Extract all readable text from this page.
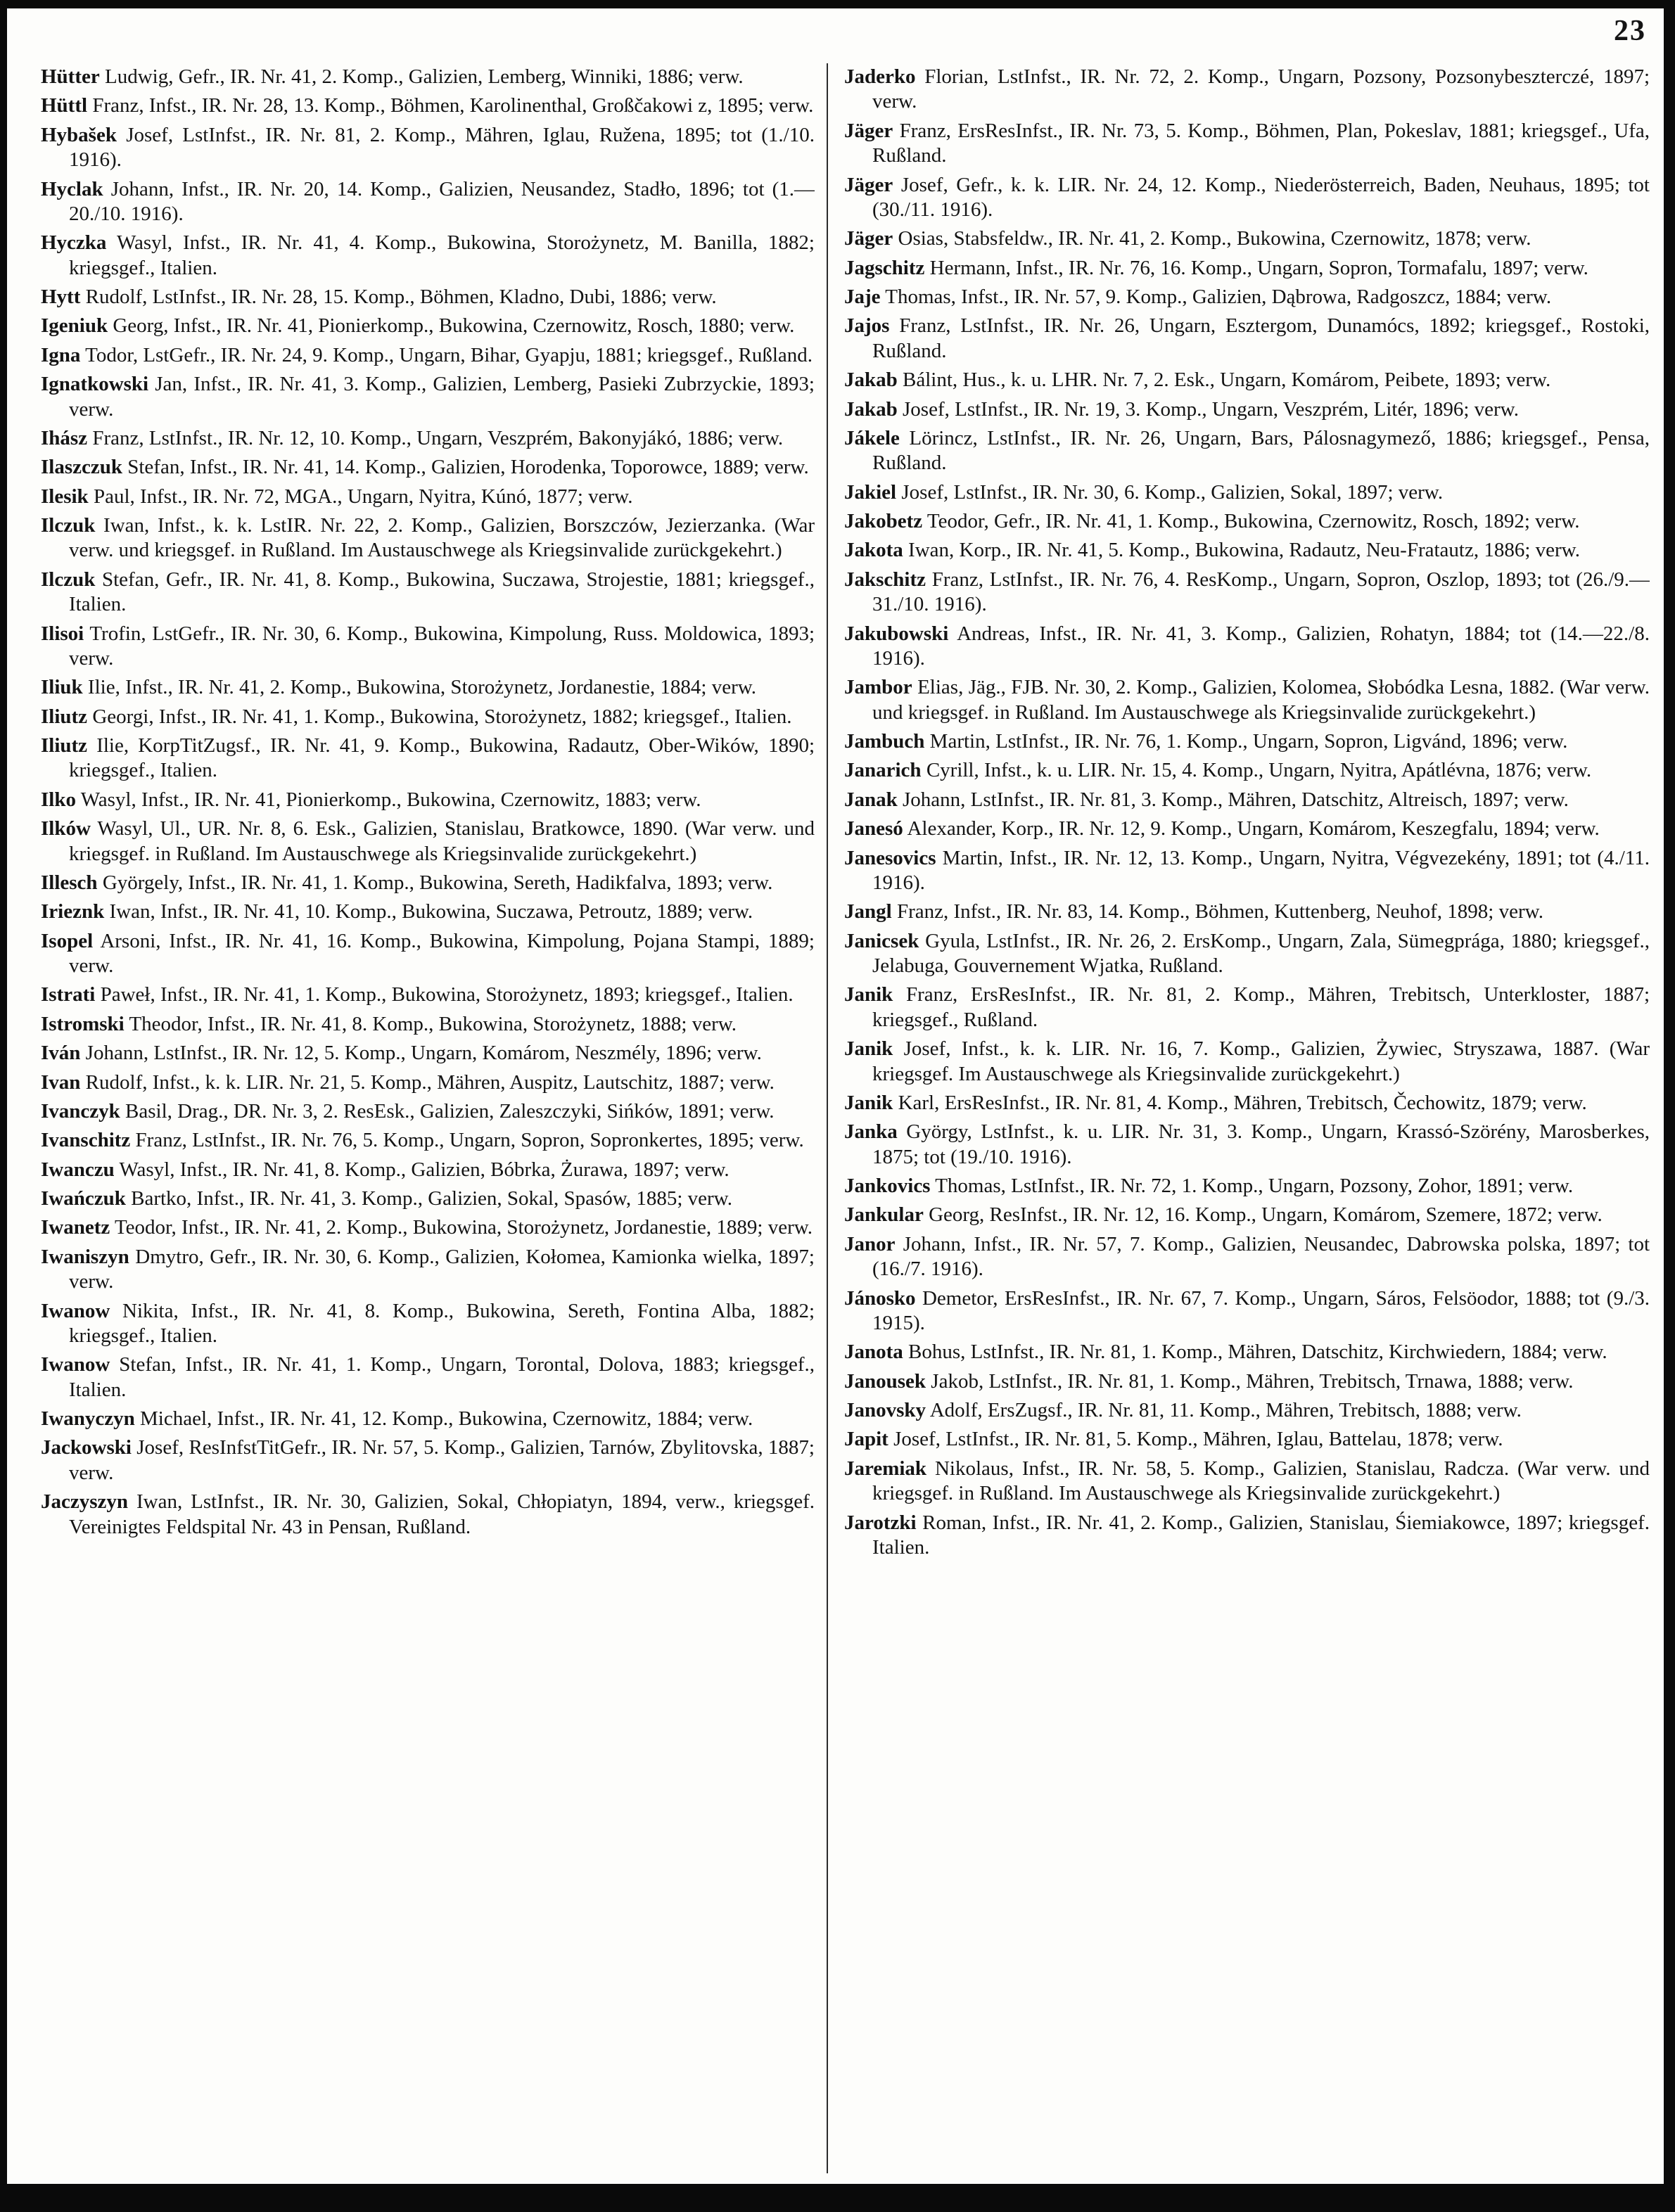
23

Hütter Ludwig, Gefr., IR. Nr. 41, 2. Komp., Galizien, Lemberg, Winniki, 1886; verw.

Hüttl Franz, Infst., IR. Nr. 28, 13. Komp., Böhmen, Karolinenthal, Großčakowi z, 1895; verw.

Hybašek Josef, LstInfst., IR. Nr. 81, 2. Komp., Mähren, Iglau, Ružena, 1895; tot (1./10. 1916).

Hyclak Johann, Infst., IR. Nr. 20, 14. Komp., Galizien, Neusandez, Stadło, 1896; tot (1.—20./10. 1916).

Hyczka Wasyl, Infst., IR. Nr. 41, 4. Komp., Bukowina, Storożynetz, M. Banilla, 1882; kriegsgef., Italien.

Hytt Rudolf, LstInfst., IR. Nr. 28, 15. Komp., Böhmen, Kladno, Dubi, 1886; verw.

Igeniuk Georg, Infst., IR. Nr. 41, Pionierkomp., Bukowina, Czernowitz, Rosch, 1880; verw.

Igna Todor, LstGefr., IR. Nr. 24, 9. Komp., Ungarn, Bihar, Gyapju, 1881; kriegsgef., Rußland.

Ignatkowski Jan, Infst., IR. Nr. 41, 3. Komp., Galizien, Lemberg, Pasieki Zubrzyckie, 1893; verw.

Ihász Franz, LstInfst., IR. Nr. 12, 10. Komp., Ungarn, Veszprém, Bakonyjákó, 1886; verw.

Ilaszczuk Stefan, Infst., IR. Nr. 41, 14. Komp., Galizien, Horodenka, Toporowce, 1889; verw.

Ilesik Paul, Infst., IR. Nr. 72, MGA., Ungarn, Nyitra, Kúnó, 1877; verw.

Ilczuk Iwan, Infst., k. k. LstIR. Nr. 22, 2. Komp., Galizien, Borszczów, Jezierzanka. (War verw. und kriegsgef. in Rußland. Im Austauschwege als Kriegsinvalide zurückgekehrt.)

Ilczuk Stefan, Gefr., IR. Nr. 41, 8. Komp., Bukowina, Suczawa, Strojestie, 1881; kriegsgef., Italien.

Ilisoi Trofin, LstGefr., IR. Nr. 30, 6. Komp., Bukowina, Kimpolung, Russ. Moldowica, 1893; verw.

Iliuk Ilie, Infst., IR. Nr. 41, 2. Komp., Bukowina, Storożynetz, Jordanestie, 1884; verw.

Iliutz Georgi, Infst., IR. Nr. 41, 1. Komp., Bukowina, Storożynetz, 1882; kriegsgef., Italien.

Iliutz Ilie, KorpTitZugsf., IR. Nr. 41, 9. Komp., Bukowina, Radautz, Ober-Wików, 1890; kriegsgef., Italien.

Ilko Wasyl, Infst., IR. Nr. 41, Pionierkomp., Bukowina, Czernowitz, 1883; verw.

Ilków Wasyl, Ul., UR. Nr. 8, 6. Esk., Galizien, Stanislau, Bratkowce, 1890. (War verw. und kriegsgef. in Rußland. Im Austauschwege als Kriegsinvalide zurückgekehrt.)

Illesch Györgely, Infst., IR. Nr. 41, 1. Komp., Bukowina, Sereth, Hadikfalva, 1893; verw.

Irieznk Iwan, Infst., IR. Nr. 41, 10. Komp., Bukowina, Suczawa, Petroutz, 1889; verw.

Isopel Arsoni, Infst., IR. Nr. 41, 16. Komp., Bukowina, Kimpolung, Pojana Stampi, 1889; verw.

Istrati Paweł, Infst., IR. Nr. 41, 1. Komp., Bukowina, Storożynetz, 1893; kriegsgef., Italien.

Istromski Theodor, Infst., IR. Nr. 41, 8. Komp., Bukowina, Storożynetz, 1888; verw.

Iván Johann, LstInfst., IR. Nr. 12, 5. Komp., Ungarn, Komárom, Neszmély, 1896; verw.

Ivan Rudolf, Infst., k. k. LIR. Nr. 21, 5. Komp., Mähren, Auspitz, Lautschitz, 1887; verw.

Ivanczyk Basil, Drag., DR. Nr. 3, 2. ResEsk., Galizien, Zaleszczyki, Sińków, 1891; verw.

Ivanschitz Franz, LstInfst., IR. Nr. 76, 5. Komp., Ungarn, Sopron, Sopronkertes, 1895; verw.

Iwanczu Wasyl, Infst., IR. Nr. 41, 8. Komp., Galizien, Bóbrka, Żurawa, 1897; verw.

Iwańczuk Bartko, Infst., IR. Nr. 41, 3. Komp., Galizien, Sokal, Spasów, 1885; verw.

Iwanetz Teodor, Infst., IR. Nr. 41, 2. Komp., Bukowina, Storożynetz, Jordanestie, 1889; verw.

Iwaniszyn Dmytro, Gefr., IR. Nr. 30, 6. Komp., Galizien, Kołomea, Kamionka wielka, 1897; verw.

Iwanow Nikita, Infst., IR. Nr. 41, 8. Komp., Bukowina, Sereth, Fontina Alba, 1882; kriegsgef., Italien.

Iwanow Stefan, Infst., IR. Nr. 41, 1. Komp., Ungarn, Torontal, Dolova, 1883; kriegsgef., Italien.

Iwanyczyn Michael, Infst., IR. Nr. 41, 12. Komp., Bukowina, Czernowitz, 1884; verw.

Jackowski Josef, ResInfstTitGefr., IR. Nr. 57, 5. Komp., Galizien, Tarnów, Zbylitovska, 1887; verw.

Jaczyszyn Iwan, LstInfst., IR. Nr. 30, Galizien, Sokal, Chłopiatyn, 1894, verw., kriegsgef. Vereinigtes Feldspital Nr. 43 in Pensan, Rußland.

Jaderko Florian, LstInfst., IR. Nr. 72, 2. Komp., Ungarn, Pozsony, Pozsonybeszterczé, 1897; verw.

Jäger Franz, ErsResInfst., IR. Nr. 73, 5. Komp., Böhmen, Plan, Pokeslav, 1881; kriegsgef., Ufa, Rußland.

Jäger Josef, Gefr., k. k. LIR. Nr. 24, 12. Komp., Niederösterreich, Baden, Neuhaus, 1895; tot (30./11. 1916).

Jäger Osias, Stabsfeldw., IR. Nr. 41, 2. Komp., Bukowina, Czernowitz, 1878; verw.

Jagschitz Hermann, Infst., IR. Nr. 76, 16. Komp., Ungarn, Sopron, Tormafalu, 1897; verw.

Jaje Thomas, Infst., IR. Nr. 57, 9. Komp., Galizien, Dąbrowa, Radgoszcz, 1884; verw.

Jajos Franz, LstInfst., IR. Nr. 26, Ungarn, Esztergom, Dunamócs, 1892; kriegsgef., Rostoki, Rußland.

Jakab Bálint, Hus., k. u. LHR. Nr. 7, 2. Esk., Ungarn, Komárom, Peibete, 1893; verw.

Jakab Josef, LstInfst., IR. Nr. 19, 3. Komp., Ungarn, Veszprém, Litér, 1896; verw.

Jákele Lörincz, LstInfst., IR. Nr. 26, Ungarn, Bars, Pálosnagymező, 1886; kriegsgef., Pensa, Rußland.

Jakiel Josef, LstInfst., IR. Nr. 30, 6. Komp., Galizien, Sokal, 1897; verw.

Jakobetz Teodor, Gefr., IR. Nr. 41, 1. Komp., Bukowina, Czernowitz, Rosch, 1892; verw.

Jakota Iwan, Korp., IR. Nr. 41, 5. Komp., Bukowina, Radautz, Neu-Fratautz, 1886; verw.

Jakschitz Franz, LstInfst., IR. Nr. 76, 4. ResKomp., Ungarn, Sopron, Oszlop, 1893; tot (26./9.—31./10. 1916).

Jakubowski Andreas, Infst., IR. Nr. 41, 3. Komp., Galizien, Rohatyn, 1884; tot (14.—22./8. 1916).

Jambor Elias, Jäg., FJB. Nr. 30, 2. Komp., Galizien, Kolomea, Słobódka Lesna, 1882. (War verw. und kriegsgef. in Rußland. Im Austauschwege als Kriegsinvalide zurückgekehrt.)

Jambuch Martin, LstInfst., IR. Nr. 76, 1. Komp., Ungarn, Sopron, Ligvánd, 1896; verw.

Janarich Cyrill, Infst., k. u. LIR. Nr. 15, 4. Komp., Ungarn, Nyitra, Apátlévna, 1876; verw.

Janak Johann, LstInfst., IR. Nr. 81, 3. Komp., Mähren, Datschitz, Altreisch, 1897; verw.

Janesó Alexander, Korp., IR. Nr. 12, 9. Komp., Ungarn, Komárom, Keszegfalu, 1894; verw.

Janesovics Martin, Infst., IR. Nr. 12, 13. Komp., Ungarn, Nyitra, Végvezekény, 1891; tot (4./11. 1916).

Jangl Franz, Infst., IR. Nr. 83, 14. Komp., Böhmen, Kuttenberg, Neuhof, 1898; verw.

Janicsek Gyula, LstInfst., IR. Nr. 26, 2. ErsKomp., Ungarn, Zala, Sümegprága, 1880; kriegsgef., Jelabuga, Gouvernement Wjatka, Rußland.

Janik Franz, ErsResInfst., IR. Nr. 81, 2. Komp., Mähren, Trebitsch, Unterkloster, 1887; kriegsgef., Rußland.

Janik Josef, Infst., k. k. LIR. Nr. 16, 7. Komp., Galizien, Żywiec, Stryszawa, 1887. (War kriegsgef. Im Austauschwege als Kriegsinvalide zurückgekehrt.)

Janik Karl, ErsResInfst., IR. Nr. 81, 4. Komp., Mähren, Trebitsch, Čechowitz, 1879; verw.

Janka György, LstInfst., k. u. LIR. Nr. 31, 3. Komp., Ungarn, Krassó-Szörény, Marosberkes, 1875; tot (19./10. 1916).

Jankovics Thomas, LstInfst., IR. Nr. 72, 1. Komp., Ungarn, Pozsony, Zohor, 1891; verw.

Jankular Georg, ResInfst., IR. Nr. 12, 16. Komp., Ungarn, Komárom, Szemere, 1872; verw.

Janor Johann, Infst., IR. Nr. 57, 7. Komp., Galizien, Neusandec, Dabrowska polska, 1897; tot (16./7. 1916).

Jánosko Demetor, ErsResInfst., IR. Nr. 67, 7. Komp., Ungarn, Sáros, Felsöodor, 1888; tot (9./3. 1915).

Janota Bohus, LstInfst., IR. Nr. 81, 1. Komp., Mähren, Datschitz, Kirchwiedern, 1884; verw.

Janousek Jakob, LstInfst., IR. Nr. 81, 1. Komp., Mähren, Trebitsch, Trnawa, 1888; verw.

Janovsky Adolf, ErsZugsf., IR. Nr. 81, 11. Komp., Mähren, Trebitsch, 1888; verw.

Japit Josef, LstInfst., IR. Nr. 81, 5. Komp., Mähren, Iglau, Battelau, 1878; verw.

Jaremiak Nikolaus, Infst., IR. Nr. 58, 5. Komp., Galizien, Stanislau, Radcza. (War verw. und kriegsgef. in Rußland. Im Austauschwege als Kriegsinvalide zurückgekehrt.)

Jarotzki Roman, Infst., IR. Nr. 41, 2. Komp., Galizien, Stanislau, Śiemiakowce, 1897; kriegsgef. Italien.
